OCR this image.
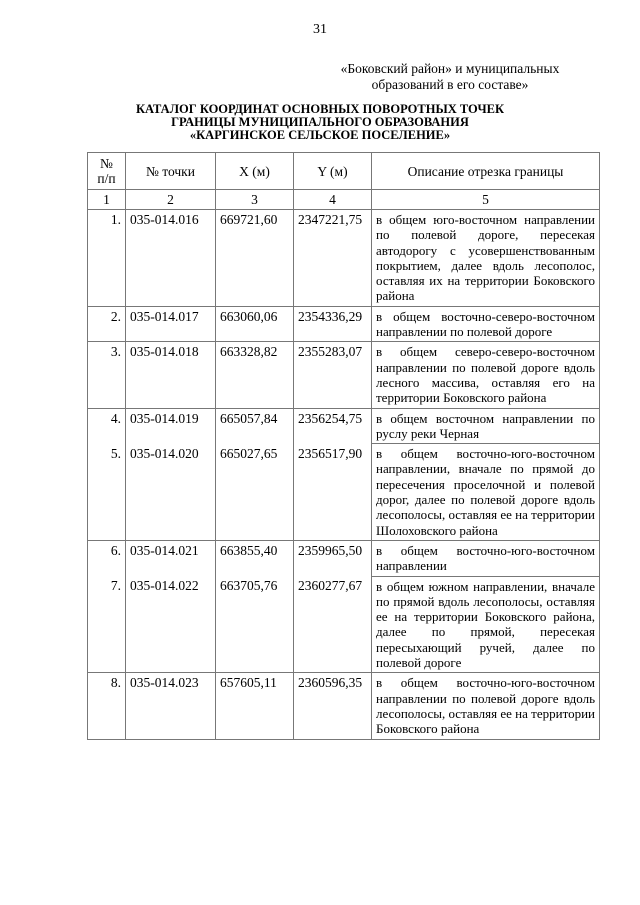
31
«Боковский район» и муниципальных
образований в его составе»
КАТАЛОГ КООРДИНАТ ОСНОВНЫХ ПОВОРОТНЫХ ТОЧЕК
ГРАНИЦЫ МУНИЦИПАЛЬНОГО ОБРАЗОВАНИЯ
«КАРГИНСКОЕ СЕЛЬСКОЕ ПОСЕЛЕНИЕ»
№
п/п	№ точки	X (м)	Y (м)	Описание отрезка границы
1	2	3	4	5
1.	035-014.016	669721,60	2347221,75	в общем юго-восточном направлении по полевой дороге, пересекая автодорогу с усовершенствованным покрытием, далее вдоль лесополос, оставляя их на территории Боковского района
2.	035-014.017	663060,06	2354336,29	в общем восточно-северо-восточном направлении по полевой дороге
3.	035-014.018	663328,82	2355283,07	в общем северо-северо-восточном направлении по полевой дороге вдоль лесного массива, оставляя его на территории Боковского района
4.	035-014.019	665057,84	2356254,75	в общем восточном направлении по руслу реки Черная
5.	035-014.020	665027,65	2356517,90	в общем восточно-юго-восточном направлении, вначале по прямой до пересечения проселочной и полевой дорог, далее по полевой дороге вдоль лесополосы, оставляя ее на территории Шолоховского района
6.	035-014.021	663855,40	2359965,50	в общем восточно-юго-восточном направлении
7.	035-014.022	663705,76	2360277,67	в общем южном направлении, вначале по прямой вдоль лесополосы, оставляя ее на территории Боковского района, далее по прямой, пересекая пересыхающий ручей, далее по полевой дороге
8.	035-014.023	657605,11	2360596,35	в общем восточно-юго-восточном направлении по полевой дороге вдоль лесополосы, оставляя ее на территории Боковского района
